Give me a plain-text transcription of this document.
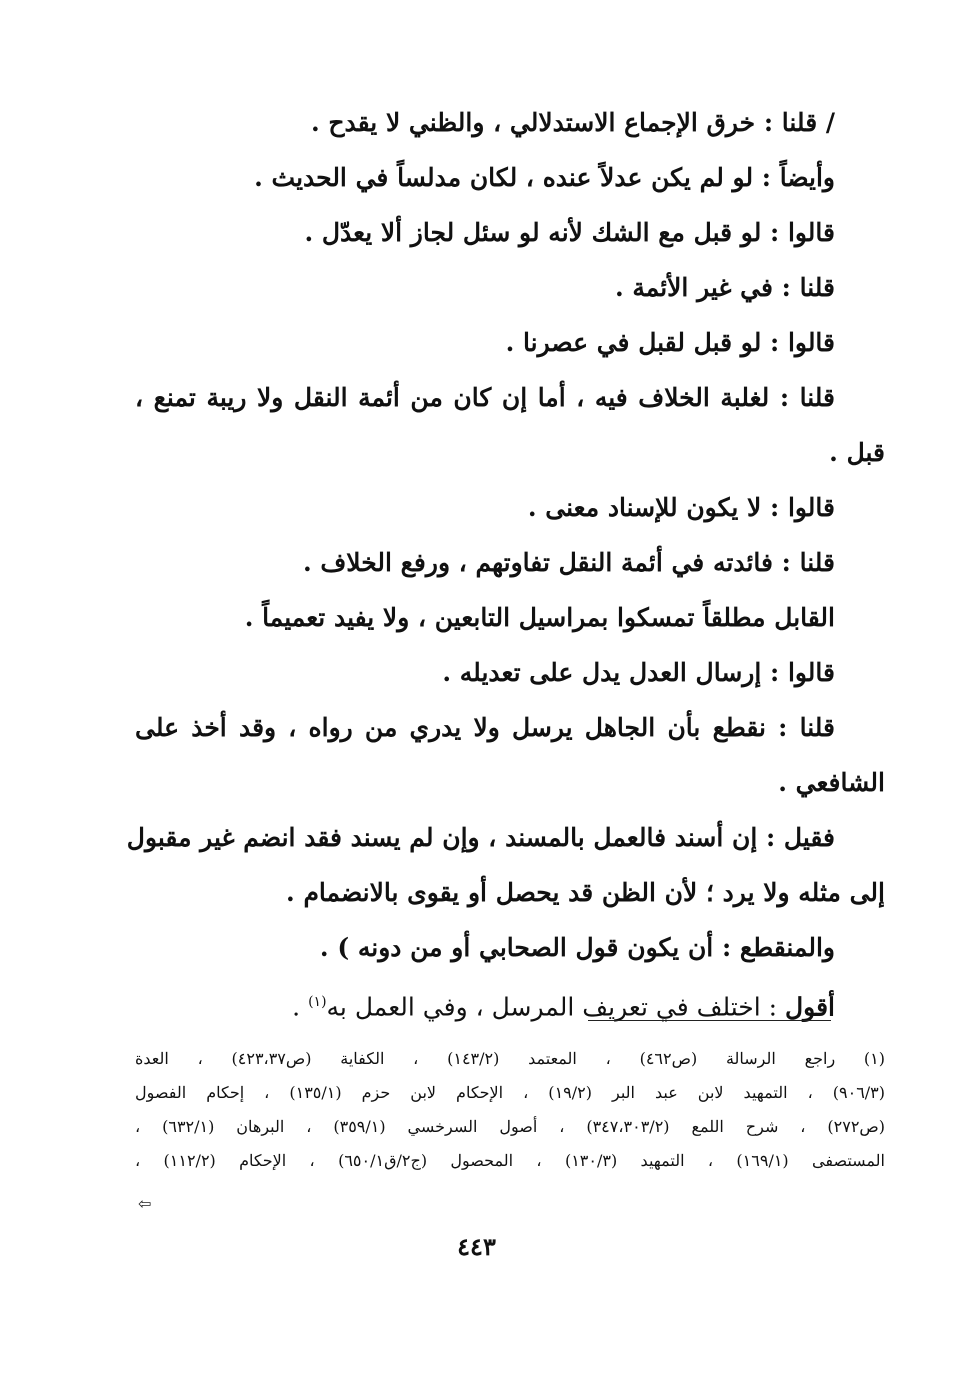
/ قلنا : خرق الإجماع الاستدلالي ، والظني لا يقدح .
وأيضاً : لو لم يكن عدلاً عنده ، لكان مدلساً في الحديث .
قالوا : لو قبل مع الشك لأنه لو سئل لجاز ألا يعدّل .
قلنا : في غير الأئمة .
قالوا : لو قبل لقبل في عصرنا .
قلنا : لغلبة الخلاف فيه ، أما إن كان من أئمة النقل ولا ريبة تمنع ،
قبل .
قالوا : لا يكون للإسناد معنى .
قلنا : فائدته في أئمة النقل تفاوتهم ، ورفع الخلاف .
القابل مطلقاً تمسكوا بمراسيل التابعين ، ولا يفيد تعميماً .
قالوا : إرسال العدل يدل على تعديله .
قلنا : نقطع بأن الجاهل يرسل ولا يدري من رواه ، وقد أخذ على
الشافعي .
فقيل : إن أسند فالعمل بالمسند ، وإن لم يسند فقد انضم غير مقبول
إلى مثله ولا يرد ؛ لأن الظن قد يحصل أو يقوى بالانضمام .
والمنقطع : أن يكون قول الصحابي أو من دونه ) .
أقول : اختلف في تعريف المرسل ، وفي العمل به$^{(١)}$ .
(١) راجع الرسالة (ص٤٦٢) ، المعتمد (١٤٣/٢) ، الكفاية (ص٤٢٣،٣٧) ، العدة
(٩٠٦/٣) ، التمهيد لابن عبد البر (١٩/٢) ، الإحكام لابن حزم (١٣٥/١) ، إحكام الفصول
(ص٢٧٢) ، شرح اللمع (٣٤٧،٣٠٣/٢) ، أصول السرخسي (٣٥٩/١) ، البرهان (٦٣٢/١) ،
المستصفى (١٦٩/١) ، التمهيد (١٣٠/٣) ، المحصول (ج٢/ق٦٥٠/١) ، الإحكام (١١٢/٢) ،
⇦
٤٤٣
